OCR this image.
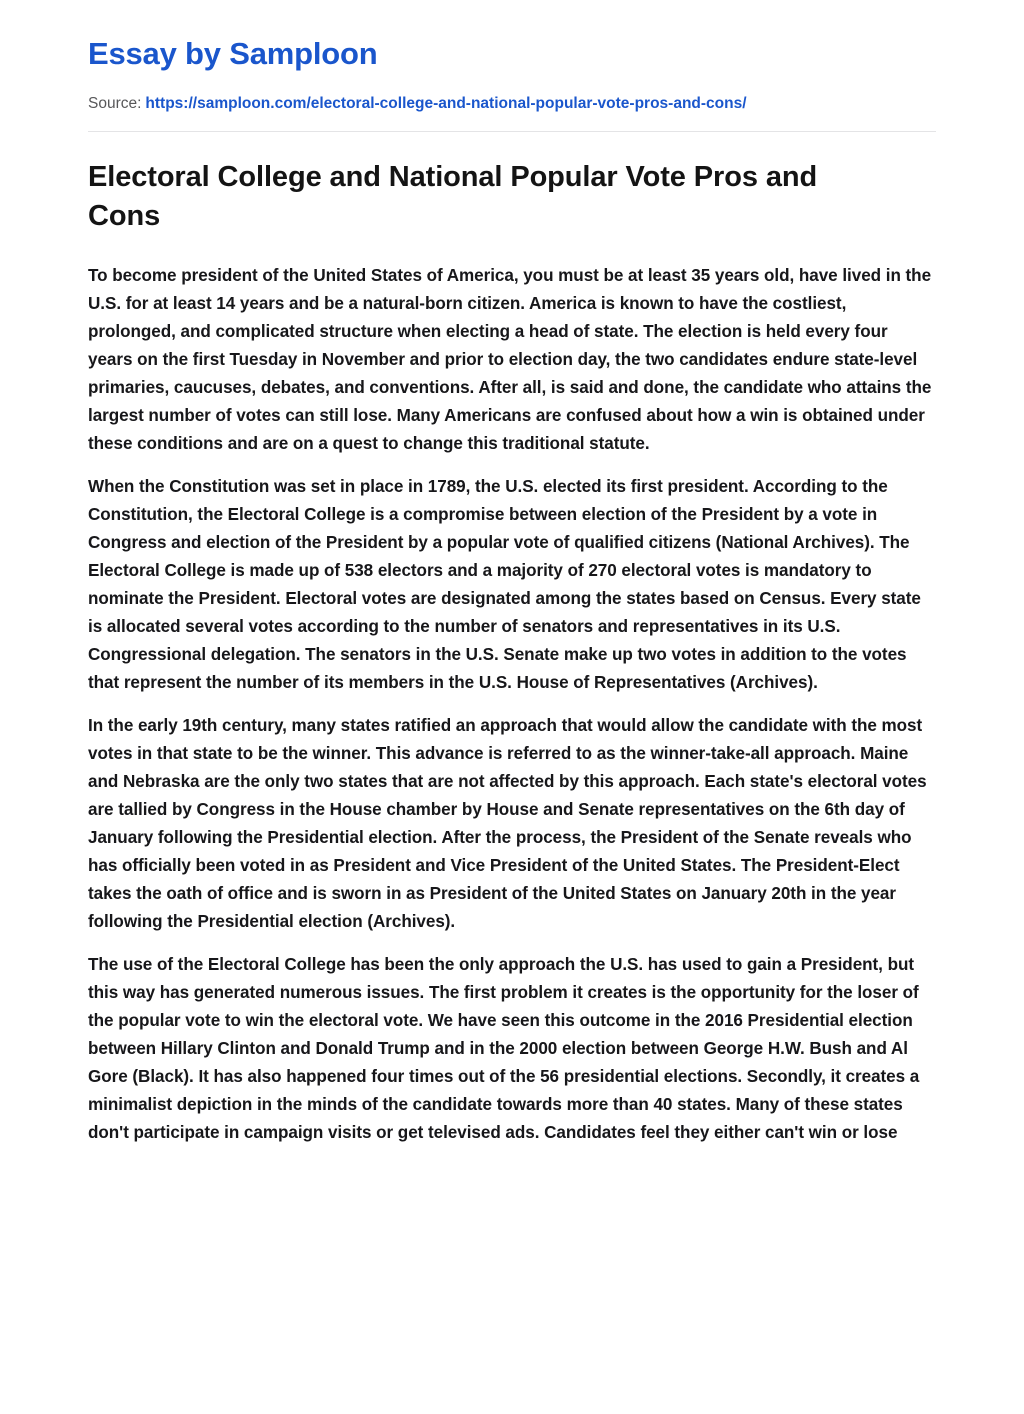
Essay by Samploon
Source: https://samploon.com/electoral-college-and-national-popular-vote-pros-and-cons/
Electoral College and National Popular Vote Pros and Cons

To become president of the United States of America, you must be at least 35 years old, have lived in the U.S. for at least 14 years and be a natural-born citizen. America is known to have the costliest, prolonged, and complicated structure when electing a head of state. The election is held every four years on the first Tuesday in November and prior to election day, the two candidates endure state-level primaries, caucuses, debates, and conventions. After all, is said and done, the candidate who attains the largest number of votes can still lose. Many Americans are confused about how a win is obtained under these conditions and are on a quest to change this traditional statute.

When the Constitution was set in place in 1789, the U.S. elected its first president. According to the Constitution, the Electoral College is a compromise between election of the President by a vote in Congress and election of the President by a popular vote of qualified citizens (National Archives). The Electoral College is made up of 538 electors and a majority of 270 electoral votes is mandatory to nominate the President. Electoral votes are designated among the states based on Census. Every state is allocated several votes according to the number of senators and representatives in its U.S. Congressional delegation. The senators in the U.S. Senate make up two votes in addition to the votes that represent the number of its members in the U.S. House of Representatives (Archives).

In the early 19th century, many states ratified an approach that would allow the candidate with the most votes in that state to be the winner. This advance is referred to as the winner-take-all approach. Maine and Nebraska are the only two states that are not affected by this approach. Each state's electoral votes are tallied by Congress in the House chamber by House and Senate representatives on the 6th day of January following the Presidential election. After the process, the President of the Senate reveals who has officially been voted in as President and Vice President of the United States. The President-Elect takes the oath of office and is sworn in as President of the United States on January 20th in the year following the Presidential election (Archives).

The use of the Electoral College has been the only approach the U.S. has used to gain a President, but this way has generated numerous issues. The first problem it creates is the opportunity for the loser of the popular vote to win the electoral vote. We have seen this outcome in the 2016 Presidential election between Hillary Clinton and Donald Trump and in the 2000 election between George H.W. Bush and Al Gore (Black). It has also happened four times out of the 56 presidential elections. Secondly, it creates a minimalist depiction in the minds of the candidate towards more than 40 states. Many of these states don't participate in campaign visits or get televised ads. Candidates feel they either can't win or lose
